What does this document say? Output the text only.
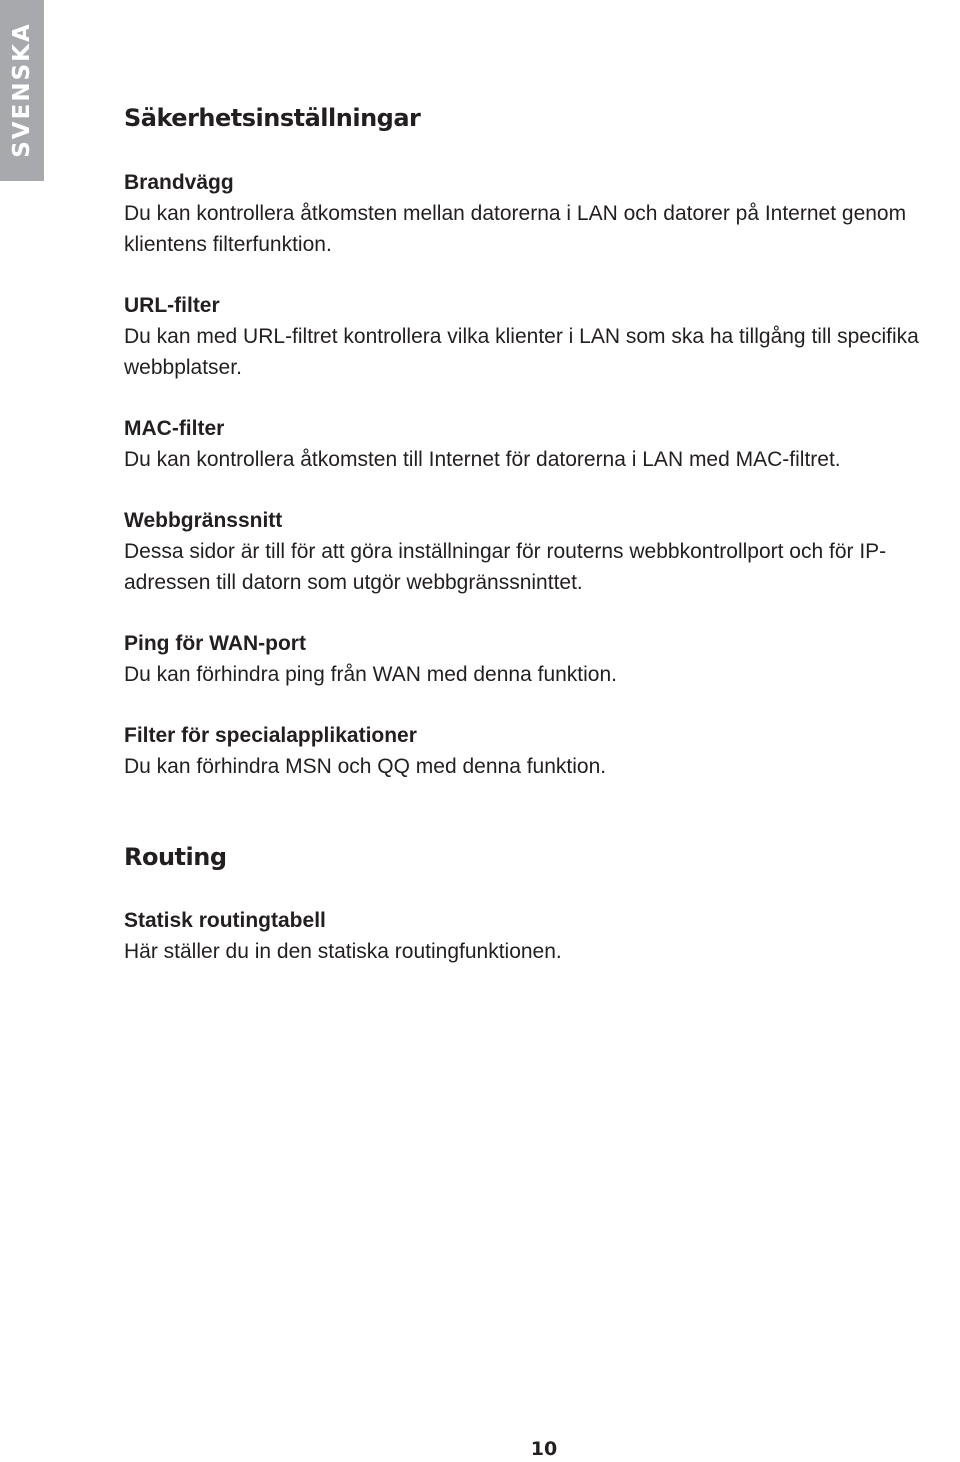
SVENSKA	Säkerhetsinställningar
Brandvägg
Du kan kontrollera åtkomsten mellan datorerna i LAN och datorer på Internet genom klientens filterfunktion.
URL-filter
Du kan med URL-filtret kontrollera vilka klienter i LAN som ska ha tillgång till specifika webbplatser.
MAC-filter
Du kan kontrollera åtkomsten till Internet för datorerna i LAN med MAC-filtret.
Webbgränssnitt
Dessa sidor är till för att göra inställningar för routerns webbkontrollport och för IP-adressen till datorn som utgör webbgränssninttet.
Ping för WAN-port
Du kan förhindra ping från WAN med denna funktion.
Filter för specialapplikationer
Du kan förhindra MSN och QQ med denna funktion.
Routing
Statisk routingtabell
Här ställer du in den statiska routingfunktionen.
10
